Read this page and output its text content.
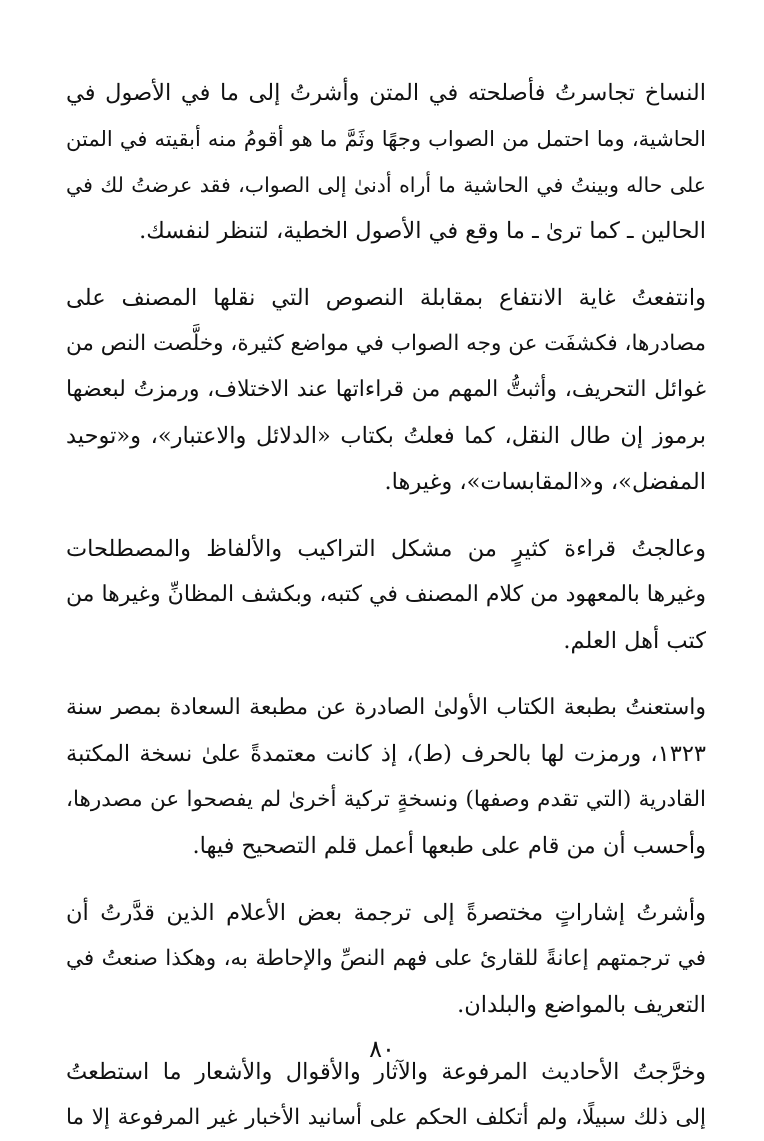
النساخ تجاسرتُ فأصلحته في المتن وأشرتُ إلى ما في الأصول في
الحاشية، وما احتمل من الصواب وجهًا وثَمَّ ما هو أقومُ منه أبقيته في المتن
على حاله وبينتُ في الحاشية ما أراه أدنىٰ إلى الصواب، فقد عرضتُ لك في
الحالين ـ كما ترىٰ ـ ما وقع في الأصول الخطية، لتنظر لنفسك.
وانتفعتُ غاية الانتفاع بمقابلة النصوص التي نقلها المصنف على
مصادرها، فكشفَت عن وجه الصواب في مواضع كثيرة، وخلَّصت النص من
غوائل التحريف، وأثبتُّ المهم من قراءاتها عند الاختلاف، ورمزتُ لبعضها
برموز إن طال النقل، كما فعلتُ بكتاب «الدلائل والاعتبار»، و«توحيد
المفضل»، و«المقابسات»، وغيرها.
وعالجتُ قراءة كثيرٍ من مشكل التراكيب والألفاظ والمصطلحات
وغيرها بالمعهود من كلام المصنف في كتبه، وبكشف المظانِّ وغيرها من
كتب أهل العلم.
واستعنتُ بطبعة الكتاب الأولىٰ الصادرة عن مطبعة السعادة بمصر سنة
١٣٢٣، ورمزت لها بالحرف (ط)، إذ كانت معتمدةً علىٰ نسخة المكتبة
القادرية (التي تقدم وصفها) ونسخةٍ تركية أخرىٰ لم يفصحوا عن مصدرها،
وأحسب أن من قام على طبعها أعمل قلم التصحيح فيها.
وأشرتُ إشاراتٍ مختصرةً إلى ترجمة بعض الأعلام الذين قدَّرتُ أن
في ترجمتهم إعانةً للقارئ على فهم النصِّ والإحاطة به، وهكذا صنعتُ في
التعريف بالمواضع والبلدان.
وخرَّجتُ الأحاديث المرفوعة والآثار والأقوال والأشعار ما استطعتُ
إلى ذلك سبيلًا، ولم أتكلف الحكم على أسانيد الأخبار غير المرفوعة إلا ما
٨٠
